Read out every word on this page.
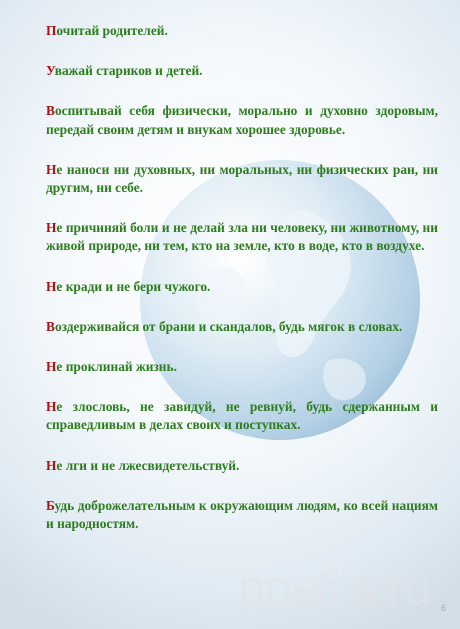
Почитай родителей.

Уважай стариков и детей.

Воспитывай себя физически, морально и духовно здоровым, передай своим детям и внукам хорошее здоровье.

Не наноси ни духовных, ни моральных, ни физических ран, ни другим, ни себе.

Не причиняй боли и не делай зла ни человеку, ни животному, ни живой природе, ни тем, кто на земле, кто в воде, кто в воздухе.

Не кради и не бери чужого.

Воздерживайся от брани и скандалов, будь мягок в словах.

Не проклинай жизнь.

Не злословь, не завидуй, не ревнуй, будь сдержанным и справедливым в делах своих и поступках.

Не лги и не лжесвидетельствуй.

Будь доброжелательным к окружающим людям, ко всей нациям и народностям.

postila.ru 6
